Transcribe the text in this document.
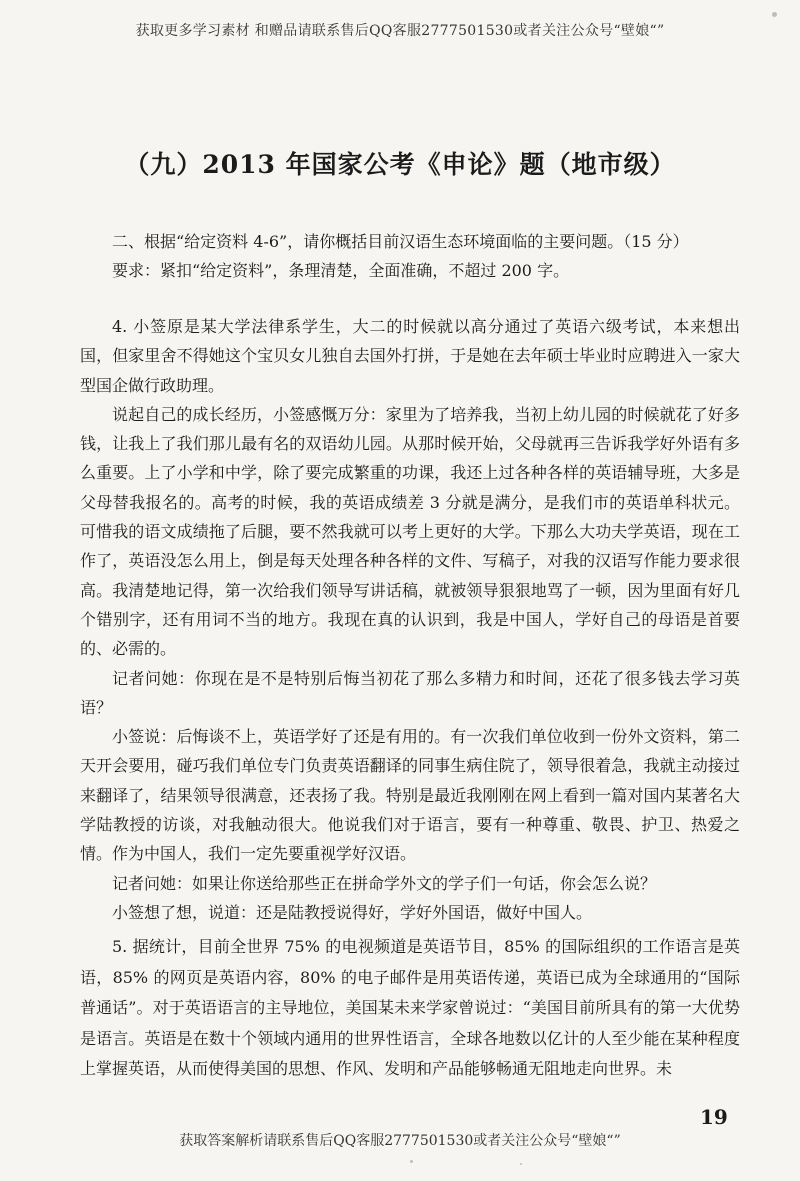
获取更多学习素材 和赠品请联系售后QQ客服2777501530或者关注公众号“壁娘“”
（九）2013 年国家公考《申论》题（地市级）

二、根据“给定资料 4-6”，请你概括目前汉语生态环境面临的主要问题。（15 分）

要求：紧扣“给定资料”，条理清楚，全面准确，不超过 200 字。

4. 小签原是某大学法律系学生，大二的时候就以高分通过了英语六级考试，本来想出国，但家里舍不得她这个宝贝女儿独自去国外打拼，于是她在去年硕士毕业时应聘进入一家大型国企做行政助理。

说起自己的成长经历，小签感慨万分：家里为了培养我，当初上幼儿园的时候就花了好多钱，让我上了我们那儿最有名的双语幼儿园。从那时候开始，父母就再三告诉我学好外语有多么重要。上了小学和中学，除了要完成繁重的功课，我还上过各种各样的英语辅导班，大多是父母替我报名的。高考的时候，我的英语成绩差 3 分就是满分，是我们市的英语单科状元。可惜我的语文成绩拖了后腿，要不然我就可以考上更好的大学。下那么大功夫学英语，现在工作了，英语没怎么用上，倒是每天处理各种各样的文件、写稿子，对我的汉语写作能力要求很高。我清楚地记得，第一次给我们领导写讲话稿，就被领导狠狠地骂了一顿，因为里面有好几个错别字，还有用词不当的地方。我现在真的认识到，我是中国人，学好自己的母语是首要的、必需的。

记者问她：你现在是不是特别后悔当初花了那么多精力和时间，还花了很多钱去学习英语？

小签说：后悔谈不上，英语学好了还是有用的。有一次我们单位收到一份外文资料，第二天开会要用，碰巧我们单位专门负责英语翻译的同事生病住院了，领导很着急，我就主动接过来翻译了，结果领导很满意，还表扬了我。特别是最近我刚刚在网上看到一篇对国内某著名大学陆教授的访谈，对我触动很大。他说我们对于语言，要有一种尊重、敬畏、护卫、热爱之情。作为中国人，我们一定先要重视学好汉语。

记者问她：如果让你送给那些正在拼命学外文的学子们一句话，你会怎么说？

小签想了想，说道：还是陆教授说得好，学好外国语，做好中国人。

5. 据统计，目前全世界 75% 的电视频道是英语节目，85% 的国际组织的工作语言是英语，85% 的网页是英语内容，80% 的电子邮件是用英语传递，英语已成为全球通用的“国际普通话”。对于英语语言的主导地位，美国某未来学家曾说过：“美国目前所具有的第一大优势是语言。英语是在数十个领域内通用的世界性语言，全球各地数以亿计的人至少能在某种程度上掌握英语，从而使得美国的思想、作风、发明和产品能够畅通无阻地走向世界。未

19
获取答案解析请联系售后QQ客服2777501530或者关注公众号“壁娘“”
